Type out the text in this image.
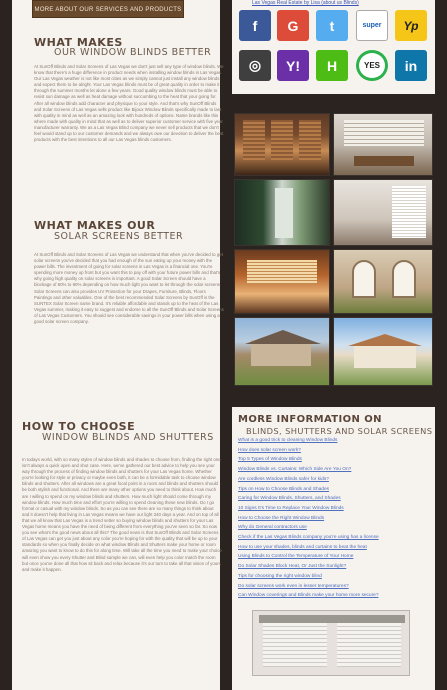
MORE ABOUT OUR SERVICES AND PRODUCTS
WHAT MAKES
OUR WINDOW BLINDS BETTER

At SunOff Blinds and Solar Screens of Las Vegas we don't just sell any type of window blinds. We know that there's a huge difference in product needs when installing window blinds in Las Vegas. Our Las Vegas weather is not like most cities as we simply cannot just install any window blinds and expect them to be alright. Your Las Vegas blinds must be of great quality in order to make it through the summer months let alone a few years. Good quality window blinds must be able to resist sun damage as well as heat damage without succumbing to the heat that your going for. After all window blinds add character and physique to your style. And that's why SunOff Blinds and Solar Screens of Las Vegas sells product like Bijoux Window Blinds specifically made to last with quality in mind as well as an amazing look with hundreds of options. Name brands like this where made with quality in mind that as well as to deliver superior customer service with five year manufacturer warranty. We as a Las Vegas Blind company we never sell products that we don't feel would stand up to our customer demands and we always owe our devotion to deliver the best products with the best intentions to all our Las Vegas blinds customers.

WHAT MAKES OUR
SOLAR SCREENS BETTER

At SunOff Blinds and Solar Screens of Las Vegas we understand that when you've decided to get solar screens you've decided that you had enough of the sun eating up your money with the power bills. The investment of going for solar screens in Las Vegas is a financial one. You're spending more money up front but you want this to pay off with your future power bills and that's why going high quality on solar screens is important. A good Solar Screen should have a blockage of 80% to 90% depending on how much light you want to let through the solar screens. Solar Screens can also provides UV Protection for your Drapes, Furniture, Blinds, Floors Paintings and other valuables. One of the best recommended Solar Screens by SunOff is the SUNTEX Solar Screen name brand. It's reliable affordable and stands up to the heat of the Las Vegas summer, making it easy to suggest and endorse to all the SunOff Blinds and Solar Screens of Las Vegas Customers. You should see considerable savings in your power bills when using a good solar screen company.

HOW TO CHOOSE
WINDOW BLINDS AND SHUTTERS

In todays world, with so many styles of window blinds and shades to choose from, finding the right one isn't always a quick open and shut case. Here, we've gathered our best advice to help you see your way through the process of finding window blinds and shutters for your Las Vegas home. Whether you're looking for style or privacy or maybe even both, it can be a formidable task to choose window blinds and shutters. After all windows are a great focal point in a room and blinds and shutters should be both stylish and functional. And there are many other options you need to think about. How much are I willing to spend on my window blinds and shutters. How much light should come through my window blinds. How much time and effort you're willing to spend cleaning these new blinds. Do I go formal or casual with my window blinds. So as you can see there are so many things to think about and it doesn't help that living in Las Vegas means we have our light 340 days a year. And on top of all that we all know that Las Vegas is a trend setter so buying window blinds and shutters for your Las Vegas home means you have the need of being different from everything you've seen so far. So now you see what's the good news about all this? The good news is that SunOff Blinds and Solar Screens of Las Vegas can get you just about any color you're hoping for with the quality that will be up to your standards so when you finally decide on what window Blinds and Shutters make your home or room amazing you want to know to do this for along time. Will take all the time you need to make your choice will even show you every Shutter and Blind sample we can, will even help you color match the room but once you've done all that how sit back and relax because it's our turn to take all that vision of yours and make it happen.

Las Vegas Real Estate by Lisa (about us Blinds)
f	G	t	super	Yp
◎	Y!	H	YES	in
MORE INFORMATION ON
BLINDS, SHUTTERS AND SOLAR SCREENS
What is a good trick to cleaning Window Blinds
How does solar screen work?
Top 5 Types of Window Blinds
Window Blinds vs. Curtains: Which Side Are You On?
Are cordless Window Blinds safer for kids?
Tips on How to Choose Blinds and Shades
Caring for Window Blinds, Shutters, and Shades
10 Signs It's Time to Replace Your Window Blinds
How to Choose the Right Window Blinds
Why do General contractors use
Check if the Las Vegas Blinds company you're using has a license
How to use your shades, blinds and curtains to beat the heat
Using Blinds to Control the Temperature of Your Home
Do Solar Shades Block Heat, Or Just the Sunlight?
Tips for choosing the right window blind
Do solar screens work even in lesser temperatures?
Can Window coverings and Blinds make your home more secure?
